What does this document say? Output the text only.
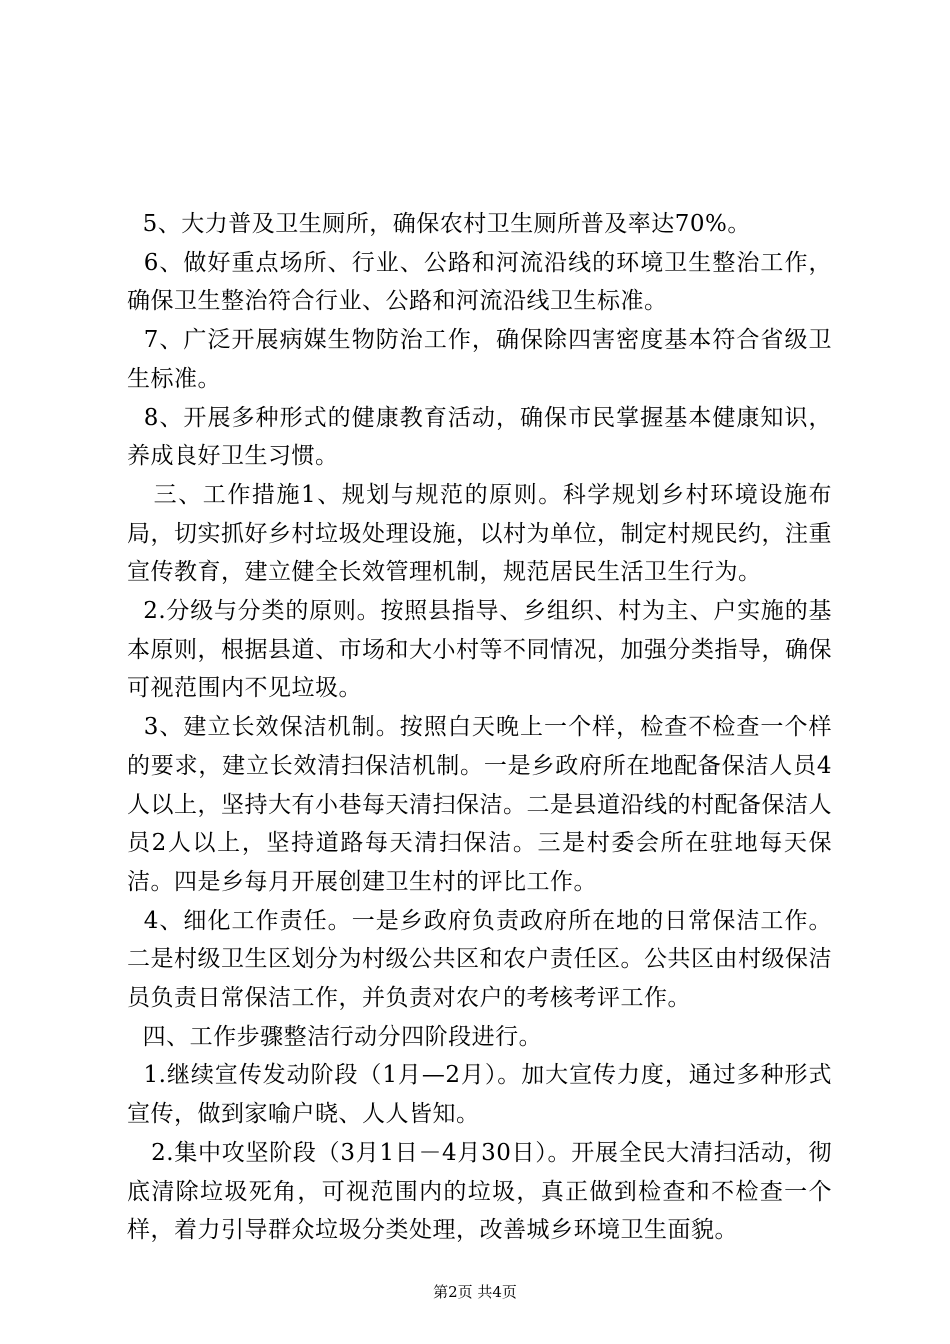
5、大力普及卫生厕所，确保农村卫生厕所普及率达70%。

6、做好重点场所、行业、公路和河流沿线的环境卫生整治工作，确保卫生整治符合行业、公路和河流沿线卫生标准。

7、广泛开展病媒生物防治工作，确保除四害密度基本符合省级卫生标准。

8、开展多种形式的健康教育活动，确保市民掌握基本健康知识，养成良好卫生习惯。

三、工作措施1、规划与规范的原则。科学规划乡村环境设施布局，切实抓好乡村垃圾处理设施，以村为单位，制定村规民约，注重宣传教育，建立健全长效管理机制，规范居民生活卫生行为。

2.分级与分类的原则。按照县指导、乡组织、村为主、户实施的基本原则，根据县道、市场和大小村等不同情况，加强分类指导，确保可视范围内不见垃圾。

3、建立长效保洁机制。按照白天晚上一个样，检查不检查一个样的要求，建立长效清扫保洁机制。一是乡政府所在地配备保洁人员4人以上，坚持大有小巷每天清扫保洁。二是县道沿线的村配备保洁人员2人以上，坚持道路每天清扫保洁。三是村委会所在驻地每天保洁。四是乡每月开展创建卫生村的评比工作。

4、细化工作责任。一是乡政府负责政府所在地的日常保洁工作。二是村级卫生区划分为村级公共区和农户责任区。公共区由村级保洁员负责日常保洁工作，并负责对农户的考核考评工作。

四、工作步骤整洁行动分四阶段进行。

1.继续宣传发动阶段（1月—2月）。加大宣传力度，通过多种形式宣传，做到家喻户晓、人人皆知。

2.集中攻坚阶段（3月1日－4月30日）。开展全民大清扫活动，彻底清除垃圾死角，可视范围内的垃圾，真正做到检查和不检查一个样，着力引导群众垃圾分类处理，改善城乡环境卫生面貌。

第2页 共4页
